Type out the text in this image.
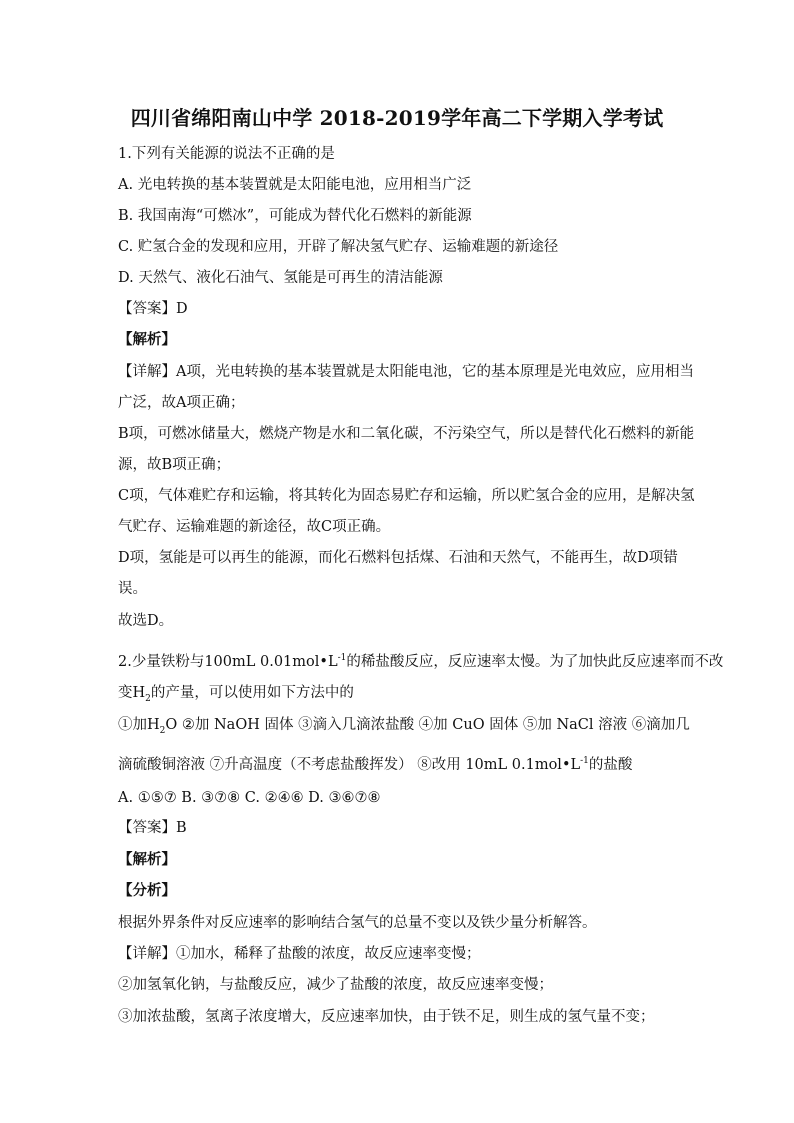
四川省绵阳南山中学 2018-2019学年高二下学期入学考试
1.下列有关能源的说法不正确的是
A. 光电转换的基本装置就是太阳能电池，应用相当广泛
B. 我国南海“可燃冰”，可能成为替代化石燃料的新能源
C. 贮氢合金的发现和应用，开辟了解决氢气贮存、运输难题的新途径
D. 天然气、液化石油气、氢能是可再生的清洁能源
【答案】D
【解析】
【详解】A项，光电转换的基本装置就是太阳能电池，它的基本原理是光电效应，应用相当
广泛，故A项正确；
B项，可燃冰储量大，燃烧产物是水和二氧化碳，不污染空气，所以是替代化石燃料的新能
源，故B项正确；
C项，气体难贮存和运输，将其转化为固态易贮存和运输，所以贮氢合金的应用，是解决氢
气贮存、运输难题的新途径，故C项正确。
D项，氢能是可以再生的能源，而化石燃料包括煤、石油和天然气，不能再生，故D项错
误。
故选D。
2.少量铁粉与100mL $0.01mol•L^{-1}$的稀盐酸反应，反应速率太慢。为了加快此反应速率而不改
变$H_2$的产量，可以使用如下方法中的
①加$H_2O$ ②加 NaOH 固体 ③滴入几滴浓盐酸 ④加 CuO 固体 ⑤加 NaCl 溶液 ⑥滴加几
滴硫酸铜溶液 ⑦升高温度（不考虑盐酸挥发） ⑧改用 10mL $0.1mol•L^{-1}$的盐酸
A. ①⑤⑦ B. ③⑦⑧ C. ②④⑥ D. ③⑥⑦⑧
【答案】B
【解析】
【分析】
根据外界条件对反应速率的影响结合氢气的总量不变以及铁少量分析解答。
【详解】①加水，稀释了盐酸的浓度，故反应速率变慢；
②加氢氧化钠，与盐酸反应，减少了盐酸的浓度，故反应速率变慢；
③加浓盐酸，氢离子浓度增大，反应速率加快，由于铁不足，则生成的氢气量不变；
